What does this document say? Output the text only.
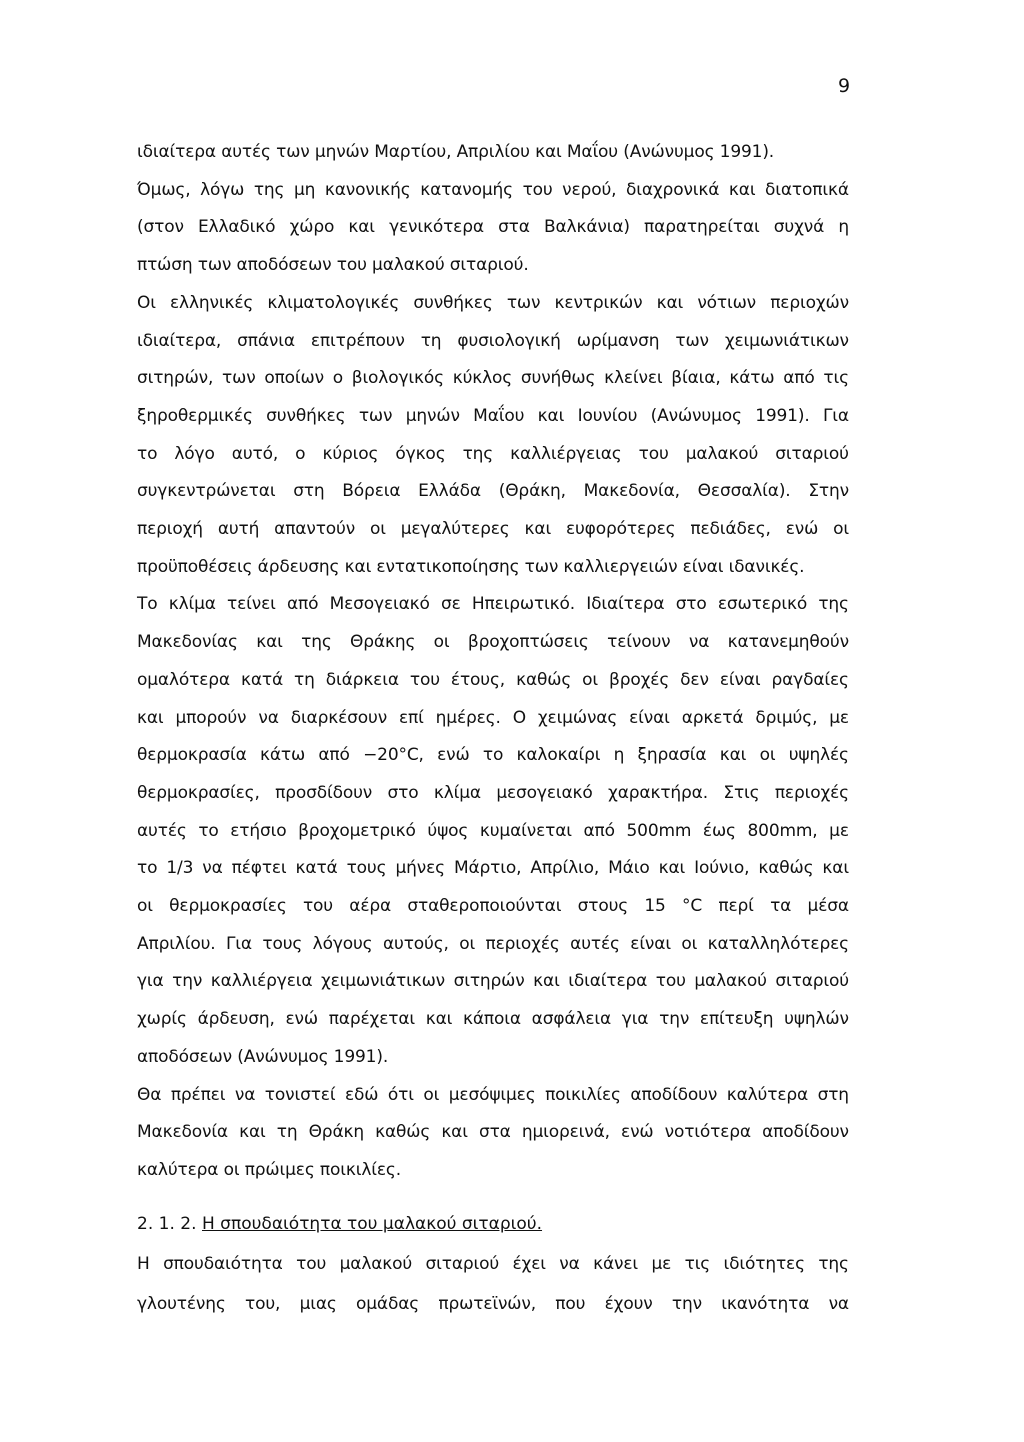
9
ιδιαίτερα αυτές των μηνών Μαρτίου, Απριλίου και Μαΐου (Ανώνυμος 1991).
Όμως, λόγω της μη κανονικής κατανομής του νερού, διαχρονικά και διατοπικά
(στον Ελλαδικό χώρο και γενικότερα στα Βαλκάνια) παρατηρείται συχνά η
πτώση των αποδόσεων του μαλακού σιταριού.
Οι ελληνικές κλιματολογικές συνθήκες των κεντρικών και νότιων περιοχών
ιδιαίτερα, σπάνια επιτρέπουν τη φυσιολογική ωρίμανση των χειμωνιάτικων
σιτηρών, των οποίων ο βιολογικός κύκλος συνήθως κλείνει βίαια, κάτω από τις
ξηροθερμικές συνθήκες των μηνών Μαΐου και Ιουνίου (Ανώνυμος 1991). Για
το λόγο αυτό, ο κύριος όγκος της καλλιέργειας του μαλακού σιταριού
συγκεντρώνεται στη Βόρεια Ελλάδα (Θράκη, Μακεδονία, Θεσσαλία). Στην
περιοχή αυτή απαντούν οι μεγαλύτερες και ευφορότερες πεδιάδες, ενώ οι
προϋποθέσεις άρδευσης και εντατικοποίησης των καλλιεργειών είναι ιδανικές.
Το κλίμα τείνει από Μεσογειακό σε Ηπειρωτικό. Ιδιαίτερα στο εσωτερικό της
Μακεδονίας και της Θράκης οι βροχοπτώσεις τείνουν να κατανεμηθούν
ομαλότερα κατά τη διάρκεια του έτους, καθώς οι βροχές δεν είναι ραγδαίες
και μπορούν να διαρκέσουν επί ημέρες. Ο χειμώνας είναι αρκετά δριμύς, με
θερμοκρασία κάτω από −20°C, ενώ το καλοκαίρι η ξηρασία και οι υψηλές
θερμοκρασίες, προσδίδουν στο κλίμα μεσογειακό χαρακτήρα. Στις περιοχές
αυτές το ετήσιο βροχομετρικό ύψος κυμαίνεται από 500mm έως 800mm, με
το 1/3 να πέφτει κατά τους μήνες Μάρτιο, Απρίλιο, Μάιο και Ιούνιο, καθώς και
οι θερμοκρασίες του αέρα σταθεροποιούνται στους 15 °C περί τα μέσα
Απριλίου. Για τους λόγους αυτούς, οι περιοχές αυτές είναι οι καταλληλότερες
για την καλλιέργεια χειμωνιάτικων σιτηρών και ιδιαίτερα του μαλακού σιταριού
χωρίς άρδευση, ενώ παρέχεται και κάποια ασφάλεια για την επίτευξη υψηλών
αποδόσεων (Ανώνυμος 1991).
Θα πρέπει να τονιστεί εδώ ότι οι μεσόψιμες ποικιλίες αποδίδουν καλύτερα στη
Μακεδονία και τη Θράκη καθώς και στα ημιορεινά, ενώ νοτιότερα αποδίδουν
καλύτερα οι πρώιμες ποικιλίες.
2. 1. 2. Η σπουδαιότητα του μαλακού σιταριού.
Η σπουδαιότητα του μαλακού σιταριού έχει να κάνει με τις ιδιότητες της
γλουτένης του, μιας ομάδας πρωτεϊνών, που έχουν την ικανότητα να
